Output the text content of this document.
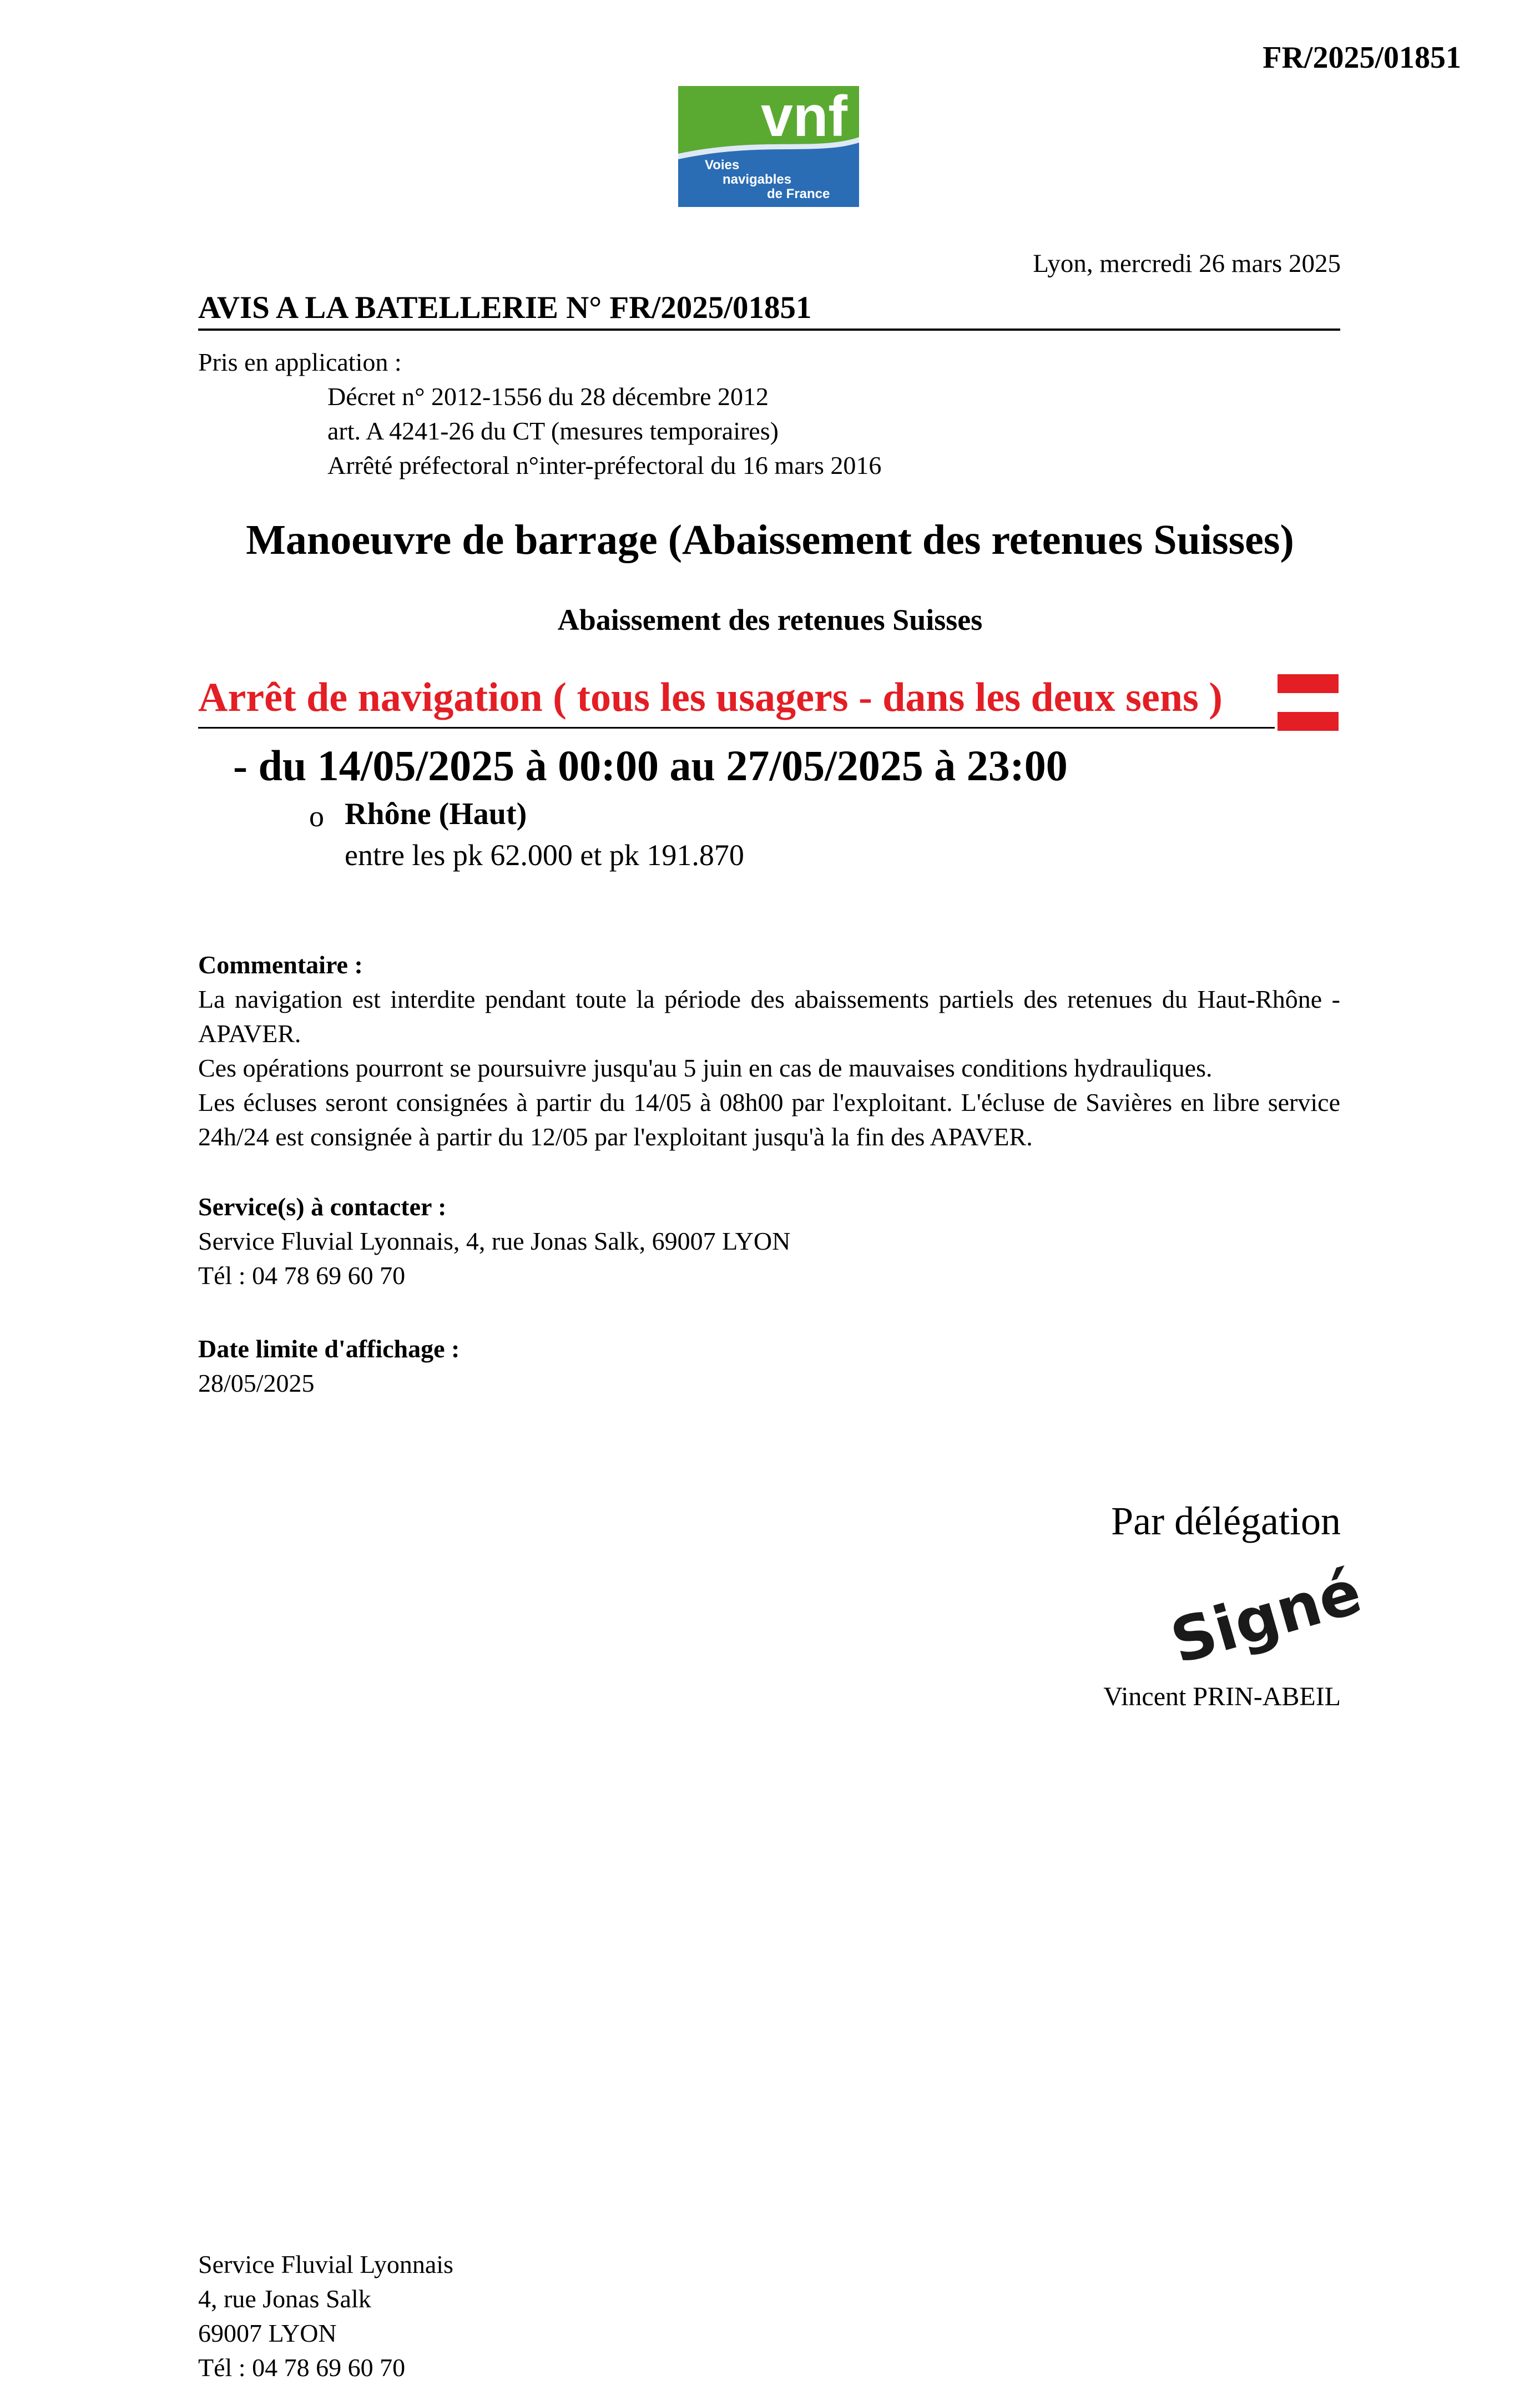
FR/2025/01851
vnf
Voies
navigables
de France
Lyon, mercredi 26 mars 2025
AVIS A LA BATELLERIE N° FR/2025/01851
Pris en application :
Décret n° 2012-1556 du 28 décembre 2012
art. A 4241-26 du CT (mesures temporaires)
Arrêté préfectoral n°inter-préfectoral du 16 mars 2016
Manoeuvre de barrage (Abaissement des retenues Suisses)
Abaissement des retenues Suisses
Arrêt de navigation ( tous les usagers - dans les deux sens )
- du 14/05/2025 à 00:00 au 27/05/2025 à 23:00
o Rhône (Haut)
entre les pk 62.000 et pk 191.870
Commentaire :

La navigation est interdite pendant toute la période des abaissements partiels des retenues du Haut-Rhône - APAVER.

Ces opérations pourront se poursuivre jusqu'au 5 juin en cas de mauvaises conditions hydrauliques.

Les écluses seront consignées à partir du 14/05 à 08h00 par l'exploitant. L'écluse de Savières en libre service 24h/24 est consignée à partir du 12/05 par l'exploitant jusqu'à la fin des APAVER.

Service(s) à contacter :
Service Fluvial Lyonnais, 4, rue Jonas Salk, 69007 LYON
Tél : 04 78 69 60 70
Date limite d'affichage :
28/05/2025
Par délégation
Signé
Vincent PRIN-ABEIL
Service Fluvial Lyonnais
4, rue Jonas Salk
69007 LYON
Tél : 04 78 69 60 70
